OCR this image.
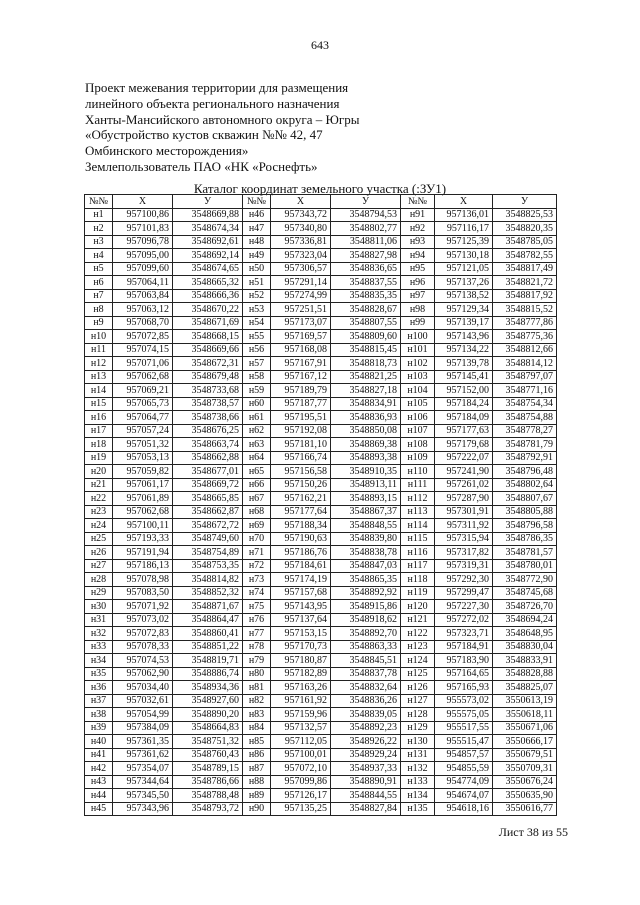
643
Проект межевания территории для размещения
линейного объекта регионального назначения
Ханты-Мансийского автономного округа – Югры
«Обустройство кустов скважин №№ 42, 47
Омбинского месторождения»
Землепользователь ПАО «НК «Роснефть»
Каталог координат земельного участка (:ЗУ1)
№№	X	У	№№	X	У	№№	X	У
н1	957100,86	3548669,88	н46	957343,72	3548794,53	н91	957136,01	3548825,53
н2	957101,83	3548674,34	н47	957340,80	3548802,77	н92	957116,17	3548820,35
н3	957096,78	3548692,61	н48	957336,81	3548811,06	н93	957125,39	3548785,05
н4	957095,00	3548692,14	н49	957323,04	3548827,98	н94	957130,18	3548782,55
н5	957099,60	3548674,65	н50	957306,57	3548836,65	н95	957121,05	3548817,49
н6	957064,11	3548665,32	н51	957291,14	3548837,55	н96	957137,26	3548821,72
н7	957063,84	3548666,36	н52	957274,99	3548835,35	н97	957138,52	3548817,92
н8	957063,12	3548670,22	н53	957251,51	3548828,67	н98	957129,34	3548815,52
н9	957068,70	3548671,69	н54	957173,07	3548807,55	н99	957139,17	3548777,86
н10	957072,85	3548668,15	н55	957169,57	3548809,60	н100	957143,96	3548775,36
н11	957074,15	3548669,66	н56	957168,08	3548815,45	н101	957134,22	3548812,66
н12	957071,06	3548672,31	н57	957167,91	3548818,73	н102	957139,78	3548814,12
н13	957062,68	3548679,48	н58	957167,12	3548821,25	н103	957145,41	3548797,07
н14	957069,21	3548733,68	н59	957189,79	3548827,18	н104	957152,00	3548771,16
н15	957065,73	3548738,57	н60	957187,77	3548834,91	н105	957184,24	3548754,34
н16	957064,77	3548738,66	н61	957195,51	3548836,93	н106	957184,09	3548754,88
н17	957057,24	3548676,25	н62	957192,08	3548850,08	н107	957177,63	3548778,27
н18	957051,32	3548663,74	н63	957181,10	3548869,38	н108	957179,68	3548781,79
н19	957053,13	3548662,88	н64	957166,74	3548893,38	н109	957222,07	3548792,91
н20	957059,82	3548677,01	н65	957156,58	3548910,35	н110	957241,90	3548796,48
н21	957061,17	3548669,72	н66	957150,26	3548913,11	н111	957261,02	3548802,64
н22	957061,89	3548665,85	н67	957162,21	3548893,15	н112	957287,90	3548807,67
н23	957062,68	3548662,87	н68	957177,64	3548867,37	н113	957301,91	3548805,88
н24	957100,11	3548672,72	н69	957188,34	3548848,55	н114	957311,92	3548796,58
н25	957193,33	3548749,60	н70	957190,63	3548839,80	н115	957315,94	3548786,35
н26	957191,94	3548754,89	н71	957186,76	3548838,78	н116	957317,82	3548781,57
н27	957186,13	3548753,35	н72	957184,61	3548847,03	н117	957319,31	3548780,01
н28	957078,98	3548814,82	н73	957174,19	3548865,35	н118	957292,30	3548772,90
н29	957083,50	3548852,32	н74	957157,68	3548892,92	н119	957299,47	3548745,68
н30	957071,92	3548871,67	н75	957143,95	3548915,86	н120	957227,30	3548726,70
н31	957073,02	3548864,47	н76	957137,64	3548918,62	н121	957272,02	3548694,24
н32	957072,83	3548860,41	н77	957153,15	3548892,70	н122	957323,71	3548648,95
н33	957078,33	3548851,22	н78	957170,73	3548863,33	н123	957184,91	3548830,04
н34	957074,53	3548819,71	н79	957180,87	3548845,51	н124	957183,90	3548833,91
н35	957062,90	3548886,74	н80	957182,89	3548837,78	н125	957164,65	3548828,88
н36	957034,40	3548934,36	н81	957163,26	3548832,64	н126	957165,93	3548825,07
н37	957032,61	3548927,60	н82	957161,92	3548836,26	н127	955573,02	3550613,19
н38	957054,99	3548890,20	н83	957159,96	3548839,05	н128	955575,05	3550618,11
н39	957384,09	3548664,83	н84	957132,57	3548892,23	н129	955517,55	3550671,06
н40	957361,35	3548751,32	н85	957112,05	3548926,22	н130	955515,47	3550666,17
н41	957361,62	3548760,43	н86	957100,01	3548929,24	н131	954857,57	3550679,51
н42	957354,07	3548789,15	н87	957072,10	3548937,33	н132	954855,59	3550709,31
н43	957344,64	3548786,66	н88	957099,86	3548890,91	н133	954774,09	3550676,24
н44	957345,50	3548788,48	н89	957126,17	3548844,55	н134	954674,07	3550635,90
н45	957343,96	3548793,72	н90	957135,25	3548827,84	н135	954618,16	3550616,77
Лист 38 из 55
